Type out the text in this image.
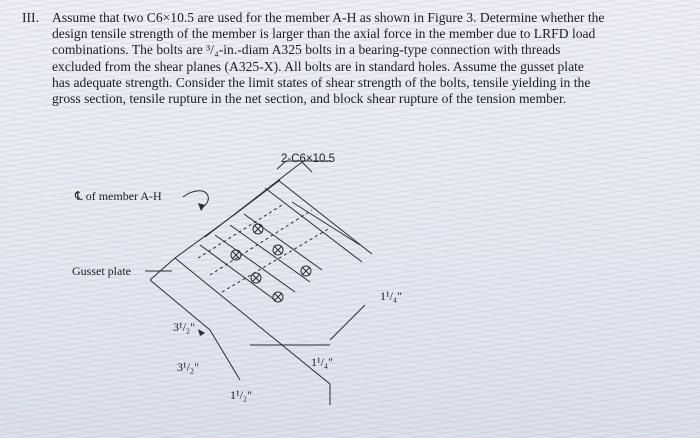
III. Assume that two C6×10.5 are used for the member A-H as shown in Figure 3. Determine whether the
design tensile strength of the member is larger than the axial force in the member due to LRFD load
combinations. The bolts are ³/₄-in.-diam A325 bolts in a bearing-type connection with threads
excluded from the shear planes (A325-X). All bolts are in standard holes. Assume the gusset plate
has adequate strength. Consider the limit states of shear strength of the bolts, tensile yielding in the
gross section, tensile rupture in the net section, and block shear rupture of the tension member.
2-C6×10.5
℄ of member A-H
Gusset plate
1¹/₄"
3¹/₂"
3¹/₂"
1¹/₂"
1¹/₄"
